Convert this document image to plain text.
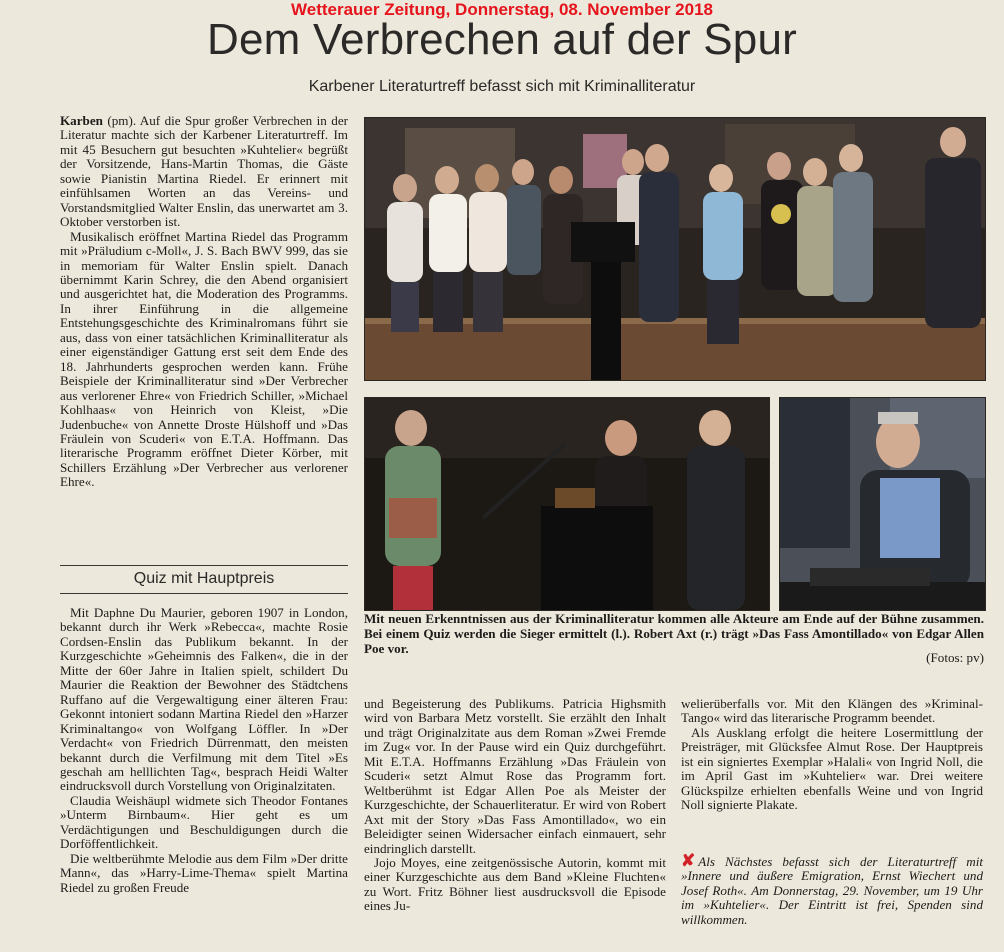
Wetterauer Zeitung, Donnerstag, 08. November 2018
Dem Verbrechen auf der Spur
Karbener Literaturtreff befasst sich mit Kriminalliteratur

Karben (pm). Auf die Spur großer Verbrechen in der Literatur machte sich der Karbener Literaturtreff. Im mit 45 Besuchern gut besuchten »Kuhtelier« begrüßt der Vorsitzende, Hans-Martin Thomas, die Gäste sowie Pianistin Martina Riedel. Er erinnert mit einfühlsamen Worten an das Vereins- und Vorstandsmitglied Walter Enslin, das unerwartet am 3. Oktober verstorben ist.

Musikalisch eröffnet Martina Riedel das Programm mit »Präludium c-Moll«, J. S. Bach BWV 999, das sie in memoriam für Walter Enslin spielt. Danach übernimmt Karin Schrey, die den Abend organisiert und ausgerichtet hat, die Moderation des Programms. In ihrer Einführung in die allgemeine Entstehungsgeschichte des Kriminalromans führt sie aus, dass von einer tatsächlichen Kriminalliteratur als einer eigenständiger Gattung erst seit dem Ende des 18. Jahrhunderts gesprochen werden kann. Frühe Beispiele der Kriminalliteratur sind »Der Verbrecher aus verlorener Ehre« von Friedrich Schiller, »Michael Kohlhaas« von Heinrich von Kleist, »Die Judenbuche« von Annette Droste Hülshoff und »Das Fräulein von Scuderi« von E.T.A. Hoffmann. Das literarische Programm eröffnet Dieter Körber, mit Schillers Erzählung »Der Verbrecher aus verlorener Ehre«.

Quiz mit Hauptpreis

Mit Daphne Du Maurier, geboren 1907 in London, bekannt durch ihr Werk »Rebecca«, machte Rosie Cordsen-Enslin das Publikum bekannt. In der Kurzgeschichte »Geheimnis des Falken«, die in der Mitte der 60er Jahre in Italien spielt, schildert Du Maurier die Reaktion der Bewohner des Städtchens Ruffano auf die Vergewaltigung einer älteren Frau: Gekonnt intoniert sodann Martina Riedel den »Harzer Kriminaltango« von Wolfgang Löffler. In »Der Verdacht« von Friedrich Dürrenmatt, den meisten bekannt durch die Verfilmung mit dem Titel »Es geschah am helllichten Tag«, besprach Heidi Walter eindrucksvoll durch Vorstellung von Originalzitaten.

Claudia Weishäupl widmete sich Theodor Fontanes »Unterm Birnbaum«. Hier geht es um Verdächtigungen und Beschuldigungen durch die Dorföffentlichkeit.

Die weltberühmte Melodie aus dem Film »Der dritte Mann«, das »Harry-Lime-Thema« spielt Martina Riedel zu großen Freude

Mit neuen Erkenntnissen aus der Kriminalliteratur kommen alle Akteure am Ende auf der Bühne zusammen. Bei einem Quiz werden die Sieger ermittelt (l.). Robert Axt (r.) trägt »Das Fass Amontillado« von Edgar Allen Poe vor.
(Fotos: pv)

und Begeisterung des Publikums. Patricia Highsmith wird von Barbara Metz vorstellt. Sie erzählt den Inhalt und trägt Originalzitate aus dem Roman »Zwei Fremde im Zug« vor. In der Pause wird ein Quiz durchgeführt. Mit E.T.A. Hoffmanns Erzählung »Das Fräulein von Scuderi« setzt Almut Rose das Programm fort. Weltberühmt ist Edgar Allen Poe als Meister der Kurzgeschichte, der Schauerliteratur. Er wird von Robert Axt mit der Story »Das Fass Amontillado«, wo ein Beleidigter seinen Widersacher einfach einmauert, sehr eindringlich darstellt.

Jojo Moyes, eine zeitgenössische Autorin, kommt mit einer Kurzgeschichte aus dem Band »Kleine Fluchten« zu Wort. Fritz Böhner liest ausdrucksvoll die Episode eines Ju-

welierüberfalls vor. Mit den Klängen des »Kriminal-Tango« wird das literarische Programm beendet.

Als Ausklang erfolgt die heitere Losermittlung der Preisträger, mit Glücksfee Almut Rose. Der Hauptpreis ist ein signiertes Exemplar »Halali« von Ingrid Noll, die im April Gast im »Kuhtelier« war. Drei weitere Glückspilze erhielten ebenfalls Weine und von Ingrid Noll signierte Plakate.

✘ Als Nächstes befasst sich der Literaturtreff mit »Innere und äußere Emigration, Ernst Wiechert und Josef Roth«. Am Donnerstag, 29. November, um 19 Uhr im »Kuhtelier«. Der Eintritt ist frei, Spenden sind willkommen.
